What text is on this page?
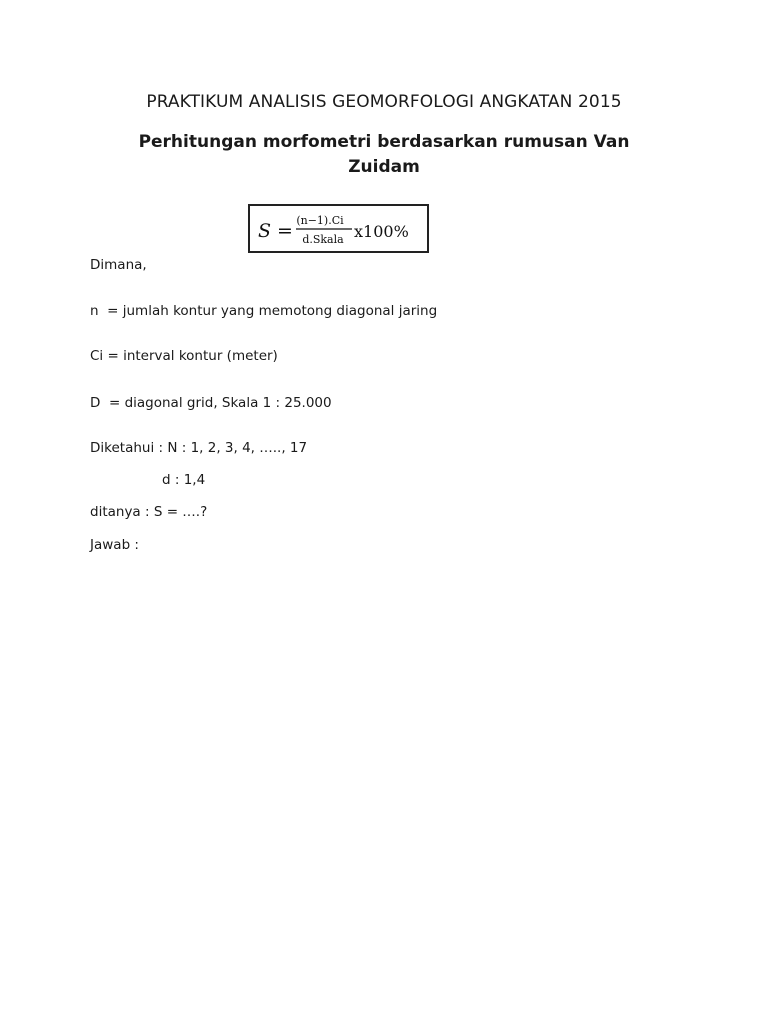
PRAKTIKUM ANALISIS GEOMORFOLOGI ANGKATAN 2015
Perhitungan morfometri berdasarkan rumusan Van Zuidam
S = (n−1).Ci
d.Skala x100%
Dimana,
n  = jumlah kontur yang memotong diagonal jaring
Ci = interval kontur (meter)
D  = diagonal grid, Skala 1 : 25.000
Diketahui : N : 1, 2, 3, 4, ….., 17
d : 1,4
ditanya : S = ….?
Jawab :
